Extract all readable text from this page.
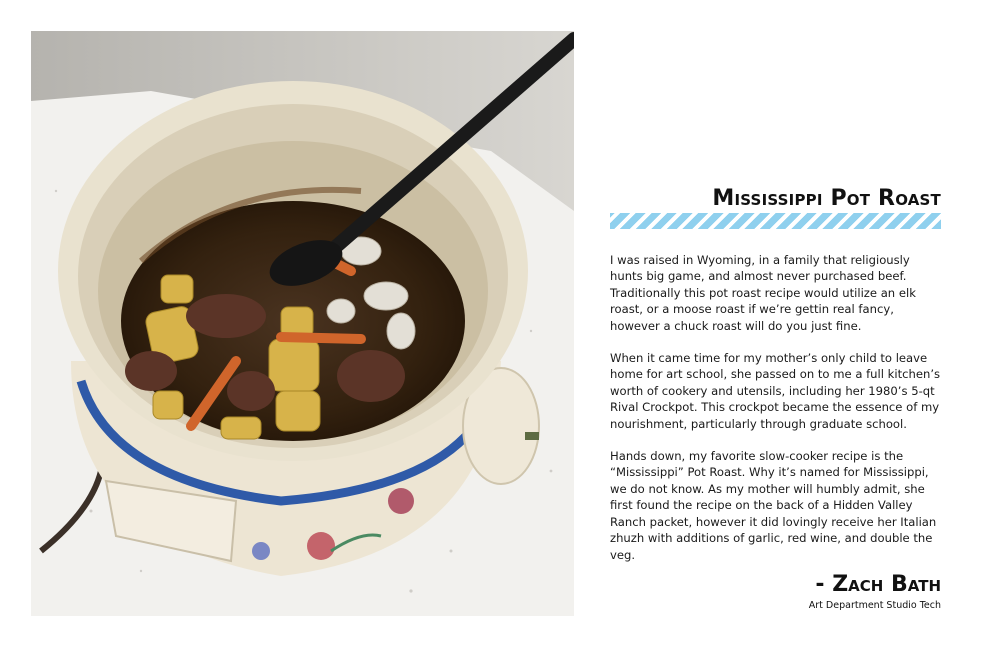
Mississippi Pot Roast

I was raised in Wyoming, in a family that religiously hunts big game, and almost never purchased beef. Traditionally this pot roast recipe would utilize an elk roast, or a moose roast if we’re gettin real fancy, however a chuck roast will do you just fine.

When it came time for my mother’s only child to leave home for art school, she passed on to me a full kitchen’s worth of cookery and utensils, including her 1980’s 5-qt Rival Crockpot. This crockpot became the essence of my nourishment, particularly through graduate school.

Hands down, my favorite slow-cooker recipe is the “Mississippi” Pot Roast. Why it’s named for Mississippi, we do not know. As my mother will humbly admit, she first found the recipe on the back of a Hidden Valley Ranch packet, however it did lovingly receive her Italian zhuzh with additions of garlic, red wine, and double the veg.

- Zach Bath

Art Department Studio Tech
